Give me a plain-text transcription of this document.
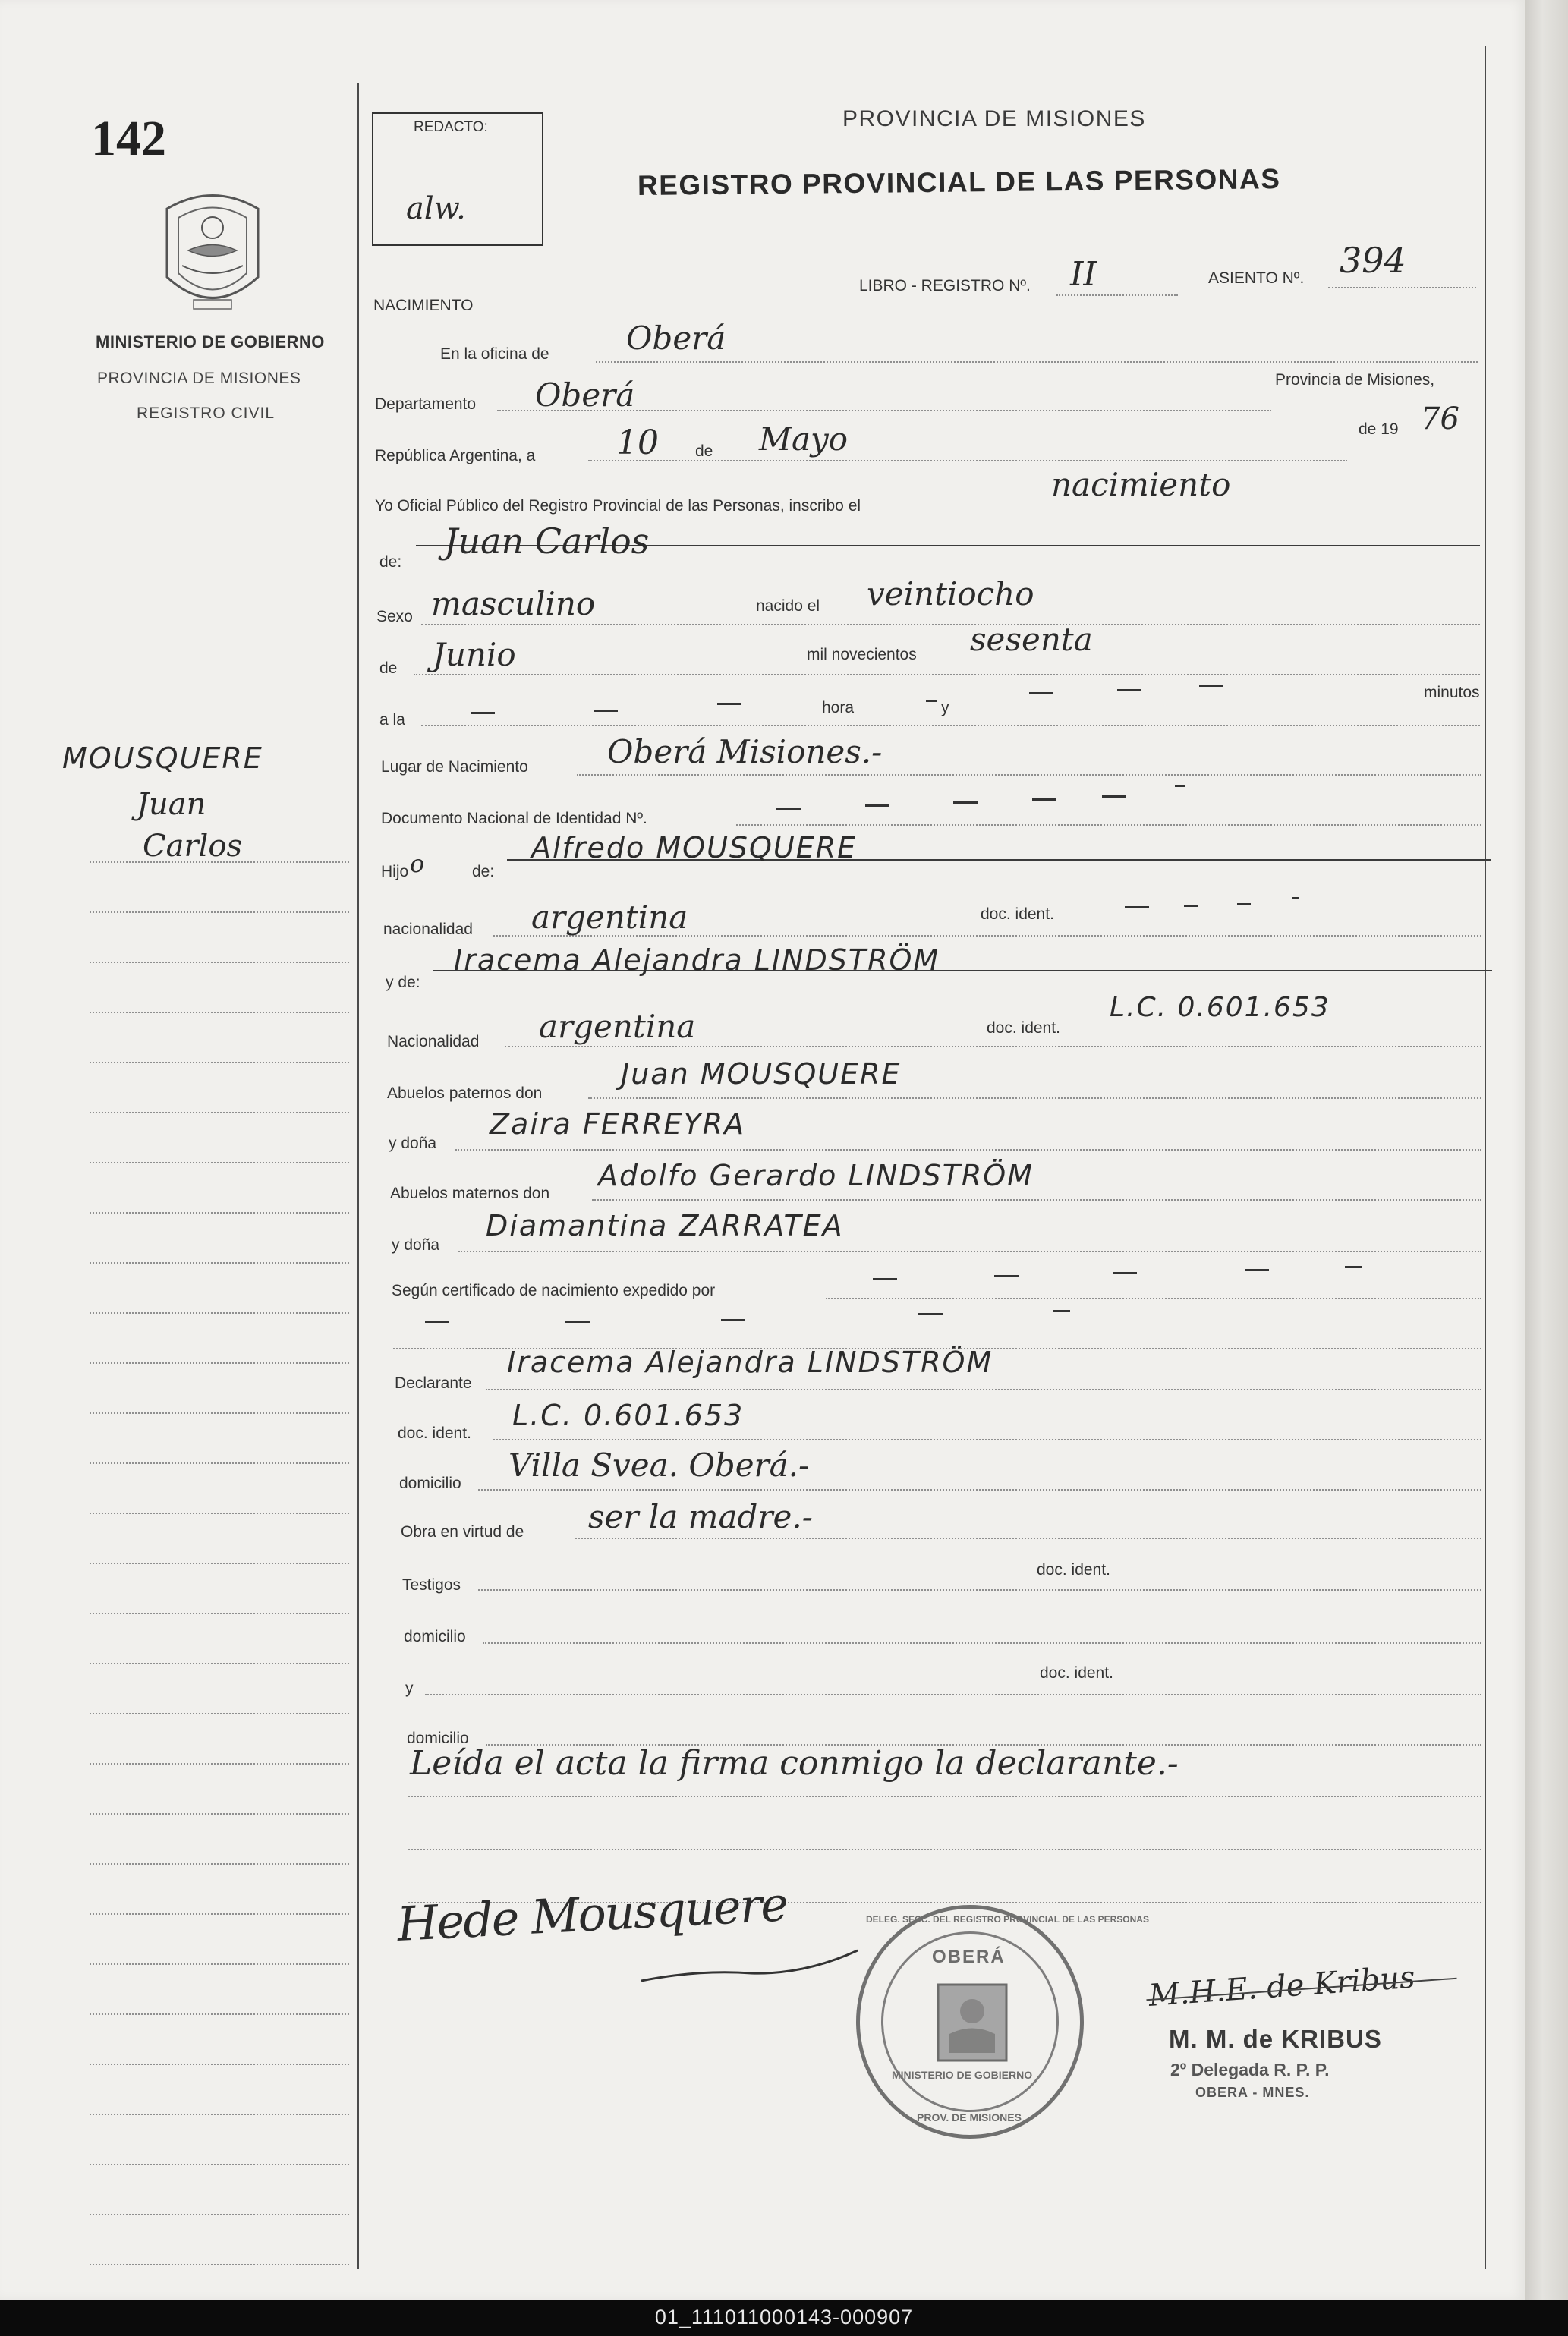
142
MINISTERIO DE GOBIERNO
PROVINCIA DE MISIONES
REGISTRO CIVIL
REDACTO:
alw.
PROVINCIA DE MISIONES
REGISTRO PROVINCIAL DE LAS PERSONAS
LIBRO - REGISTRO Nº. II	ASIENTO Nº. 394
NACIMIENTO
En la oficina de Oberá
Departamento Oberá	Provincia de Misiones,
República Argentina, a 10 de Mayo	de 19 76
Yo Oficial Público del Registro Provincial de las Personas, inscribo el
nacimiento
de:
Juan Carlos
Sexo masculino	nacido el veintiocho
de Junio	mil novecientos sesenta
a la
hora	y
minutos
Lugar de Nacimiento Oberá Misiones.-
Documento Nacional de Identidad Nº.
Hijo o	de:
Alfredo MOUSQUERE
nacionalidad argentina	doc. ident.
y de:
Iracema Alejandra LINDSTRÖM
Nacionalidad argentina	doc. ident.
L.C. 0.601.653
Abuelos paternos don
Juan MOUSQUERE
y doña
Zaira FERREYRA
Abuelos maternos don
Adolfo Gerardo LINDSTRÖM
y doña
Diamantina ZARRATEA
Según certificado de nacimiento expedido por
Declarante
Iracema Alejandra LINDSTRÖM
doc. ident.
L.C. 0.601.653
domicilio Villa Svea. Oberá.-
Obra en virtud de ser la madre.-
Testigos
doc. ident.
domicilio
y
doc. ident.
domicilio
Leída el acta la firma conmigo la declarante.-
Hede Mousquere
M.H.E. de Kribus
M. M. de KRIBUS
2º Delegada R. P. P.
OBERA - MNES.
OBERÁ
DELEG. SECC. DEL REGISTRO PROVINCIAL DE LAS PERSONAS
MINISTERIO DE GOBIERNO
PROV. DE MISIONES
MOUSQUERE
Juan
Carlos
01_111011000143-000907
